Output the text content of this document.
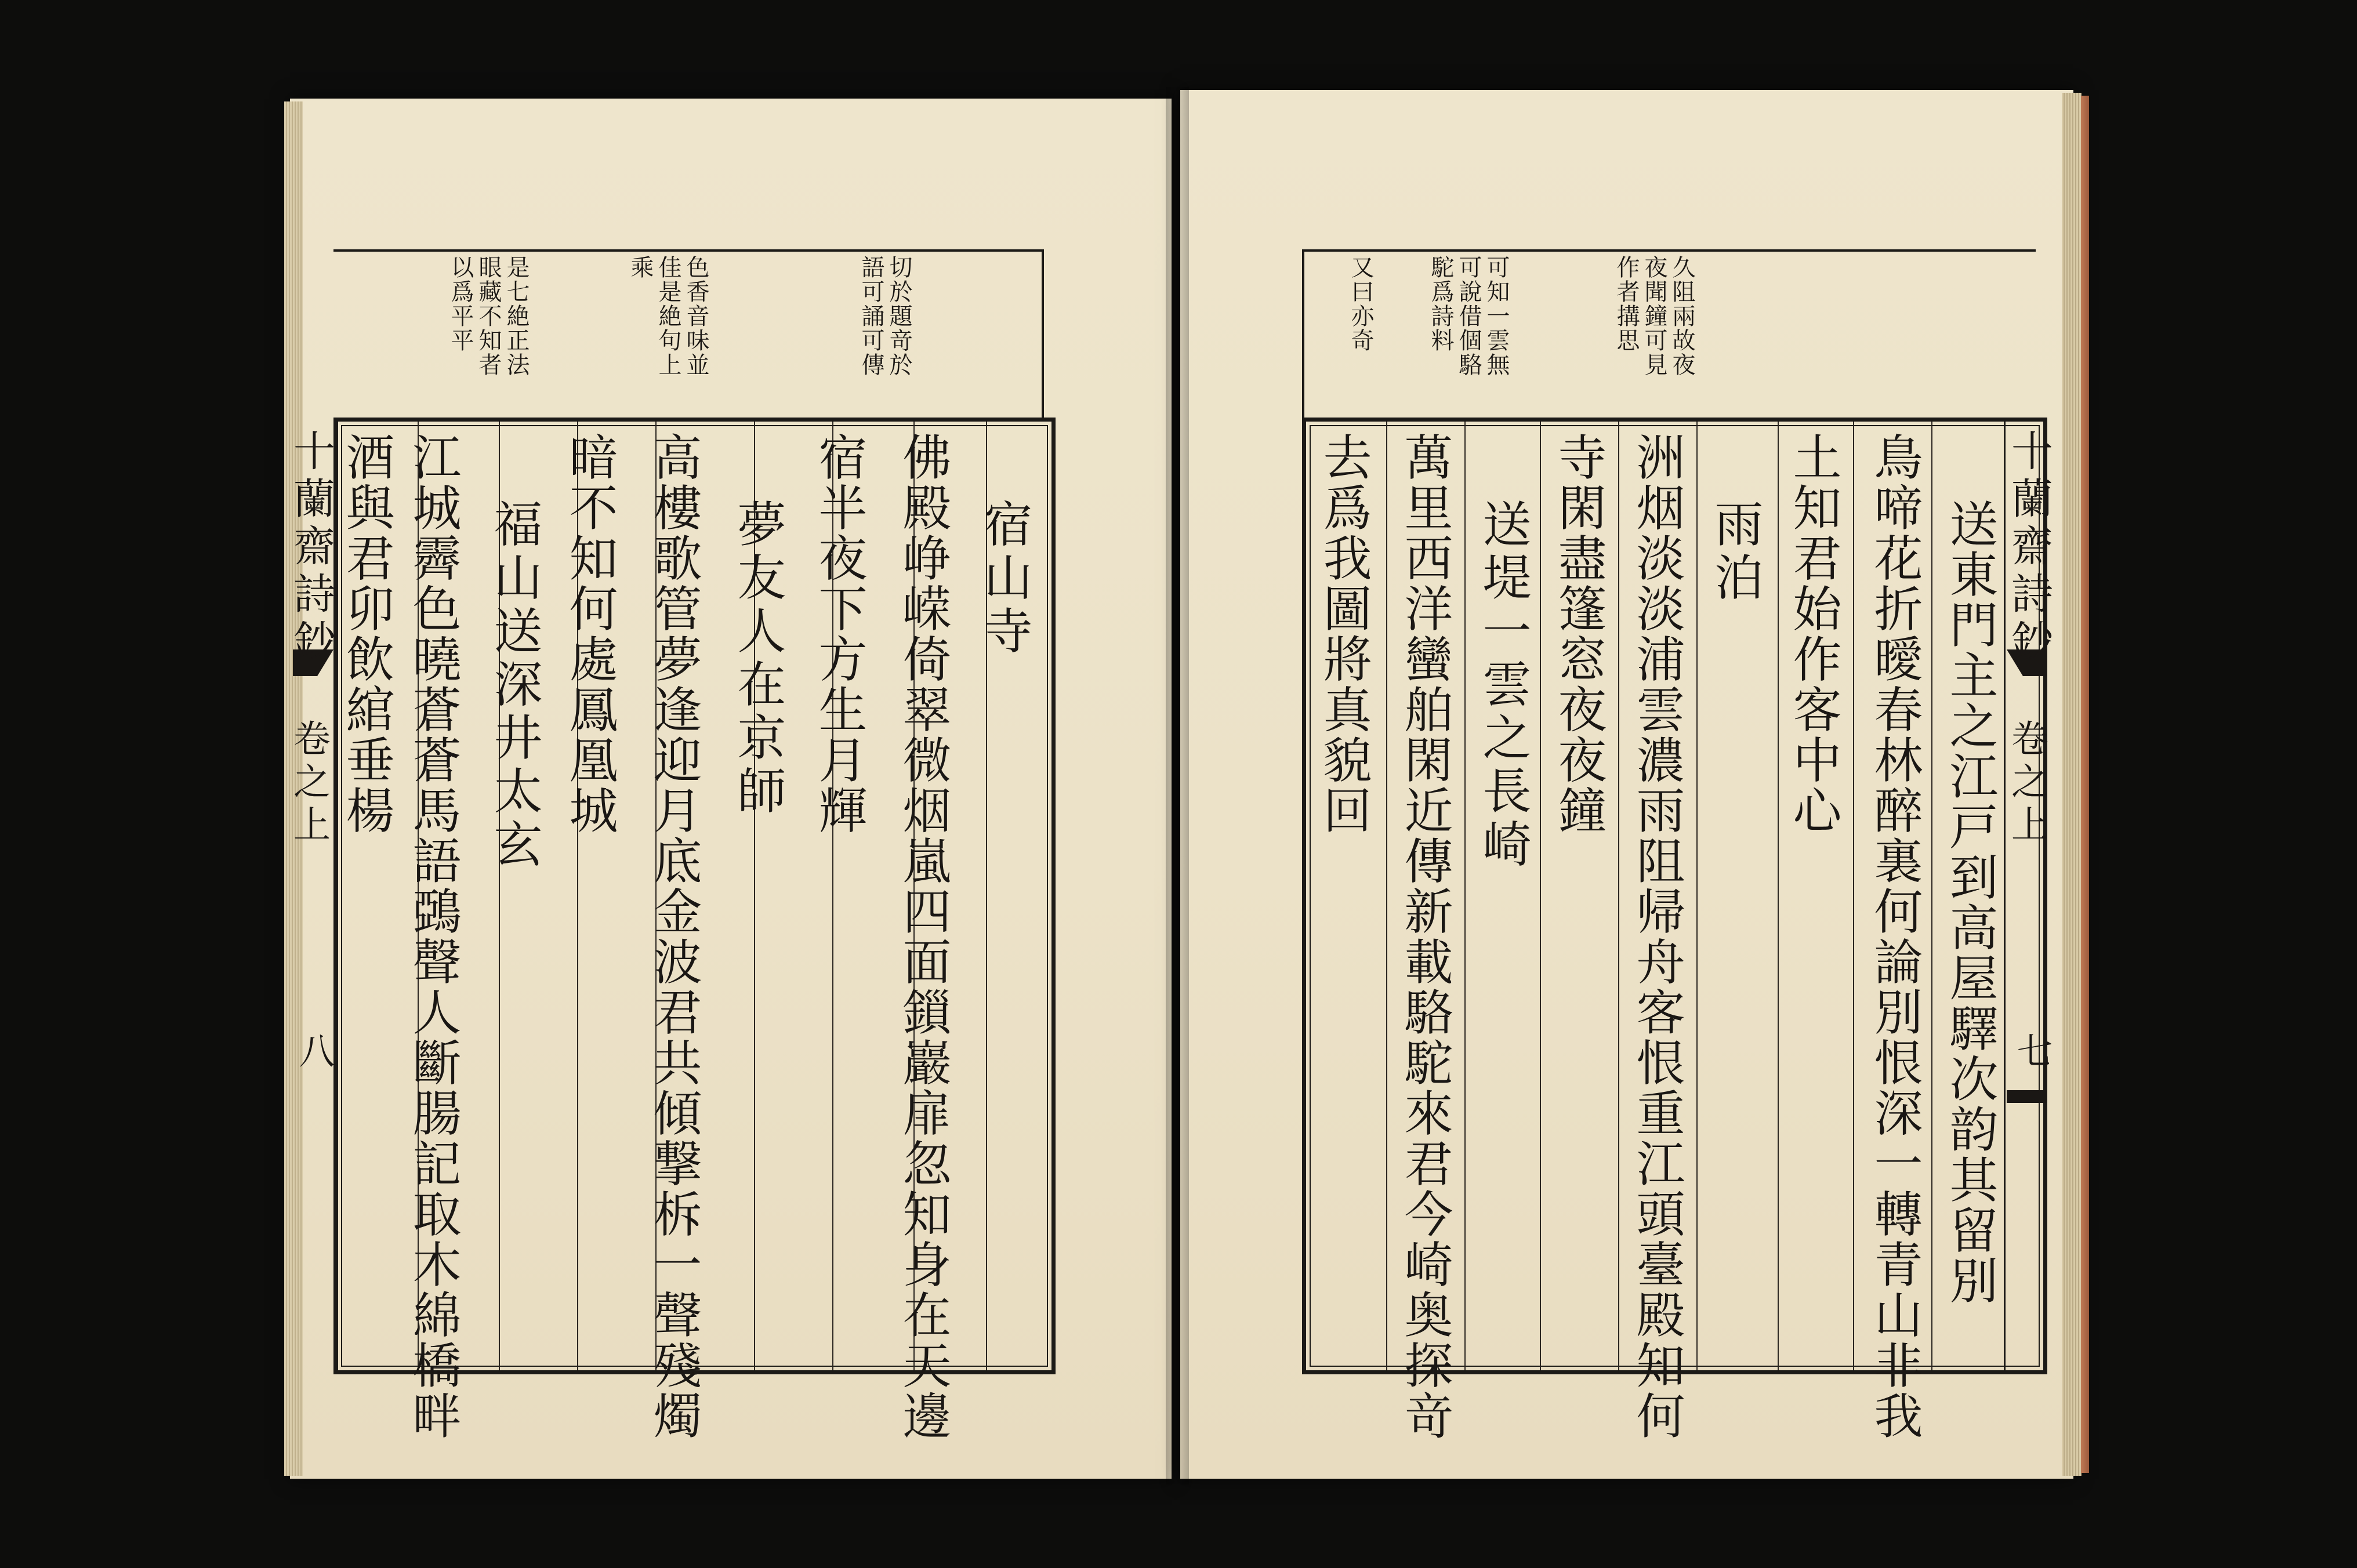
十蘭齋詩鈔
卷之上
八
切於題竒於
語可誦可傳
色香音味並
佳是絶句上
乘
是七絶正法
眼藏不知者
以爲平平
宿山寺
佛殿峥嵘倚翠微烟嵐四面鎻巖扉忽知身在天邊
宿半夜下方生月輝
夢友人在京師
高樓歌管夢逢迎月底金波君共傾撃柝一聲殘燭
暗不知何處鳳凰城
福山送深井太玄
江城霽色曉蒼蒼馬語鵶聲人斷腸記取木綿橋畔
酒與君卯飲綰垂楊	十蘭齋詩鈔
卷之上
七
久阻兩故夜
夜聞鐘可見
作者搆思
可知一雲無
可說借個駱
駝爲詩料
又曰亦奇
送東門主之江戸到高屋驛次韵其留別
鳥啼花折曖春林醉裏何論別恨深一轉青山非我
土知君始作客中心
雨泊
洲烟淡淡浦雲濃雨阻帰舟客恨重江頭臺殿知何
寺閑盡篷窓夜夜鐘
送堤一雲之長崎
萬里西洋蠻舶閑近傳新載駱駝來君今崎奥探竒
去爲我圖將真貌回
